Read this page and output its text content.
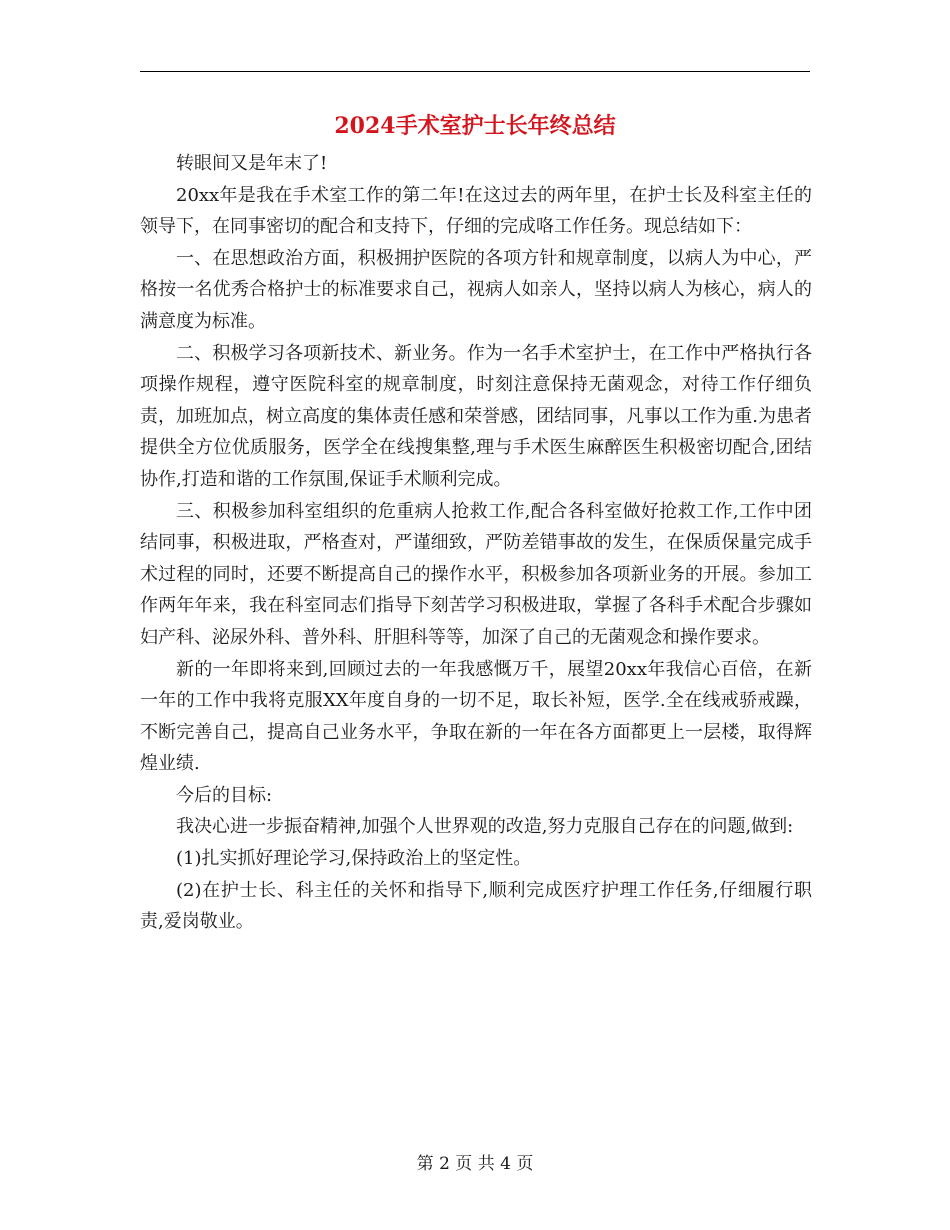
2024手术室护士长年终总结

转眼间又是年末了!

20xx年是我在手术室工作的第二年!在这过去的两年里，在护士长及科室主任的领导下，在同事密切的配合和支持下，仔细的完成咯工作任务。现总结如下：

一、在思想政治方面，积极拥护医院的各项方针和规章制度，以病人为中心，严格按一名优秀合格护士的标准要求自己，视病人如亲人，坚持以病人为核心，病人的满意度为标准。

二、积极学习各项新技术、新业务。作为一名手术室护士，在工作中严格执行各项操作规程，遵守医院科室的规章制度，时刻注意保持无菌观念，对待工作仔细负责，加班加点，树立高度的集体责任感和荣誉感，团结同事，凡事以工作为重.为患者提供全方位优质服务，医学全在线搜集整,理与手术医生麻醉医生积极密切配合,团结协作,打造和谐的工作氛围,保证手术顺利完成。

三、积极参加科室组织的危重病人抢救工作,配合各科室做好抢救工作,工作中团结同事，积极进取，严格查对，严谨细致，严防差错事故的发生，在保质保量完成手术过程的同时，还要不断提高自己的操作水平，积极参加各项新业务的开展。参加工作两年年来，我在科室同志们指导下刻苦学习积极进取，掌握了各科手术配合步骤如妇产科、泌尿外科、普外科、肝胆科等等，加深了自己的无菌观念和操作要求。

新的一年即将来到,回顾过去的一年我感慨万千，展望20xx年我信心百倍，在新一年的工作中我将克服XX年度自身的一切不足，取长补短，医学.全在线戒骄戒躁，不断完善自己，提高自己业务水平，争取在新的一年在各方面都更上一层楼，取得辉煌业绩.

今后的目标:

我决心进一步振奋精神,加强个人世界观的改造,努力克服自己存在的问题,做到:

(1)扎实抓好理论学习,保持政治上的坚定性。

(2)在护士长、科主任的关怀和指导下,顺利完成医疗护理工作任务,仔细履行职责,爱岗敬业。

第 2 页 共 4 页
